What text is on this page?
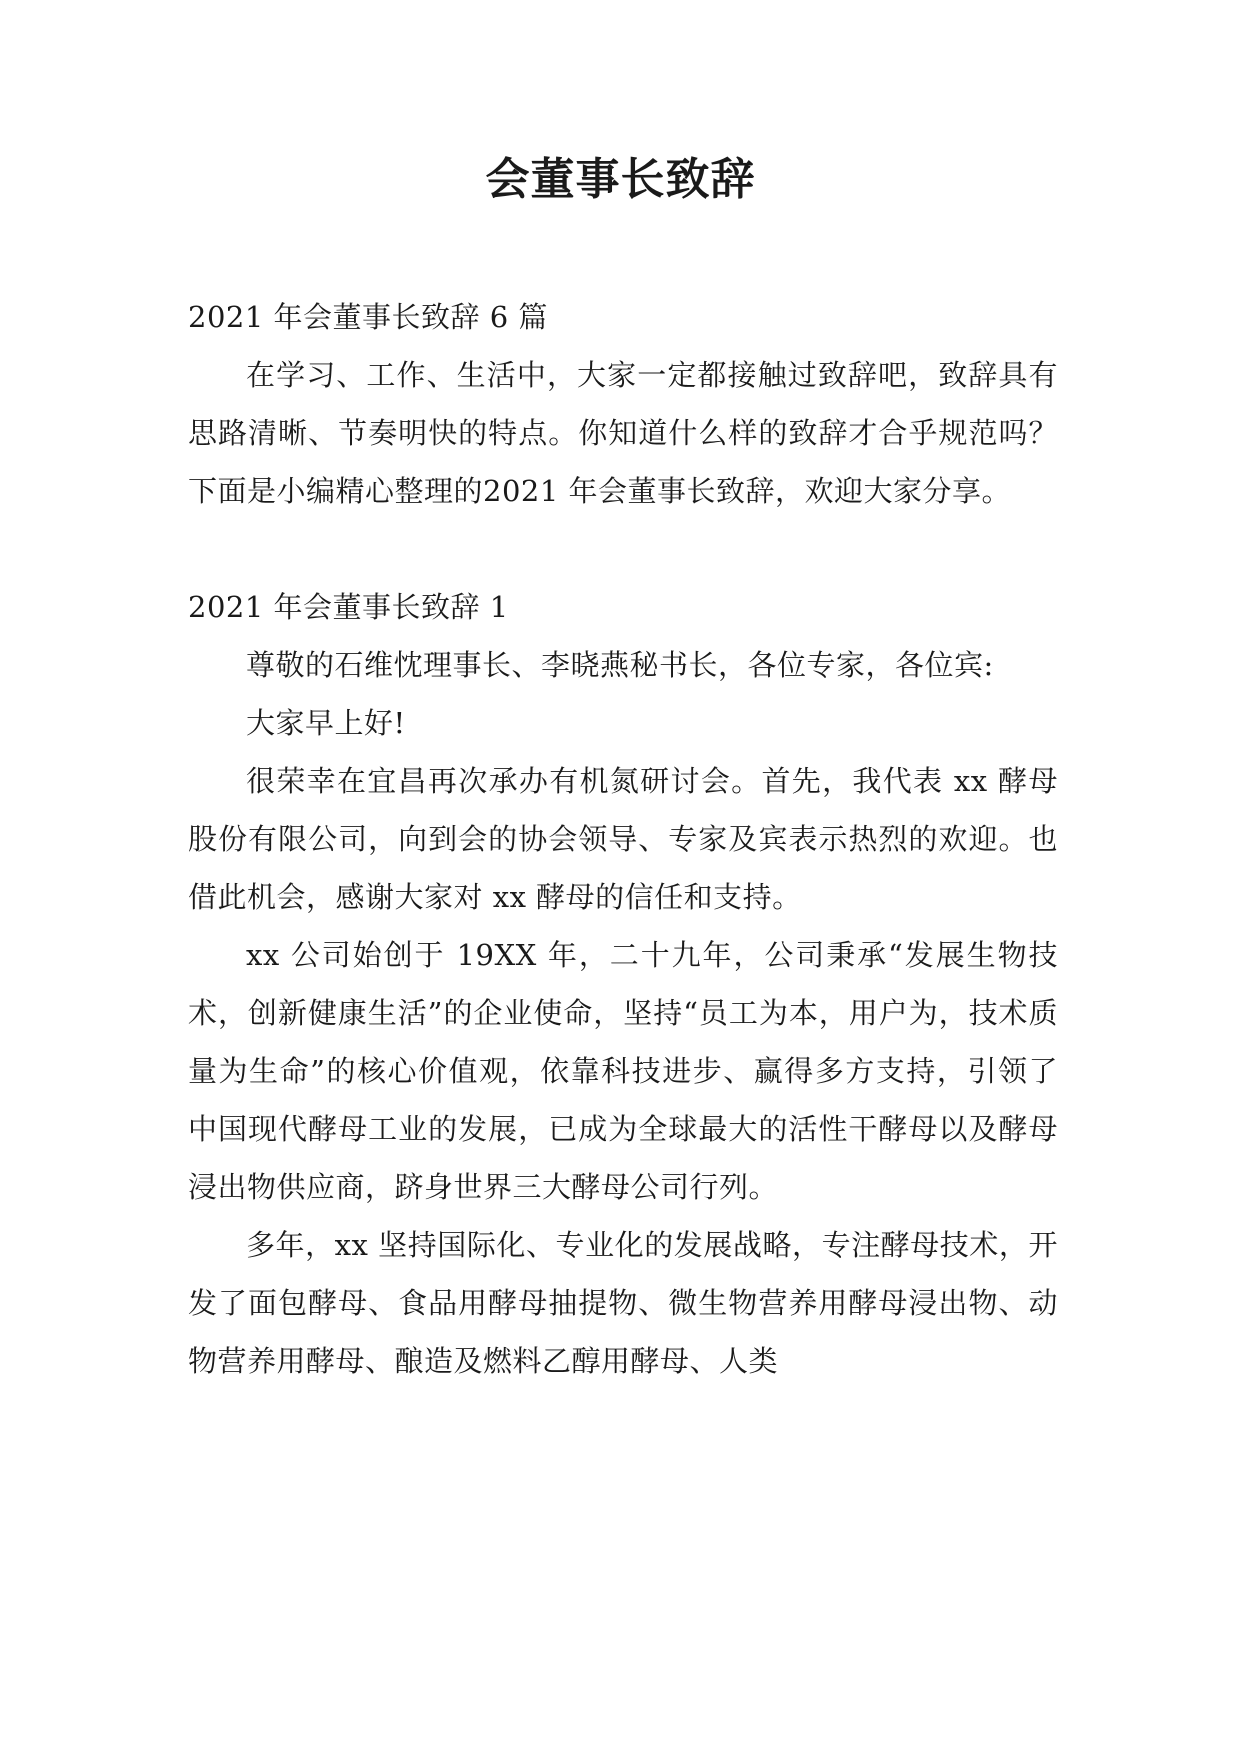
会董事长致辞

2021 年会董事长致辞 6 篇

在学习、工作、生活中，大家一定都接触过致辞吧，致辞具有思路清晰、节奏明快的特点。你知道什么样的致辞才合乎规范吗？下面是小编精心整理的2021 年会董事长致辞，欢迎大家分享。

2021 年会董事长致辞 1

尊敬的石维忱理事长、李晓燕秘书长，各位专家，各位宾:

大家早上好!

很荣幸在宜昌再次承办有机氮研讨会。首先，我代表 xx 酵母股份有限公司，向到会的协会领导、专家及宾表示热烈的欢迎。也借此机会，感谢大家对 xx 酵母的信任和支持。

xx 公司始创于 19XX 年，二十九年，公司秉承“发展生物技术，创新健康生活”的企业使命，坚持“员工为本，用户为，技术质量为生命”的核心价值观，依靠科技进步、赢得多方支持，引领了中国现代酵母工业的发展，已成为全球最大的活性干酵母以及酵母浸出物供应商，跻身世界三大酵母公司行列。

多年，xx 坚持国际化、专业化的发展战略，专注酵母技术，开发了面包酵母、食品用酵母抽提物、微生物营养用酵母浸出物、动物营养用酵母、酿造及燃料乙醇用酵母、人类
